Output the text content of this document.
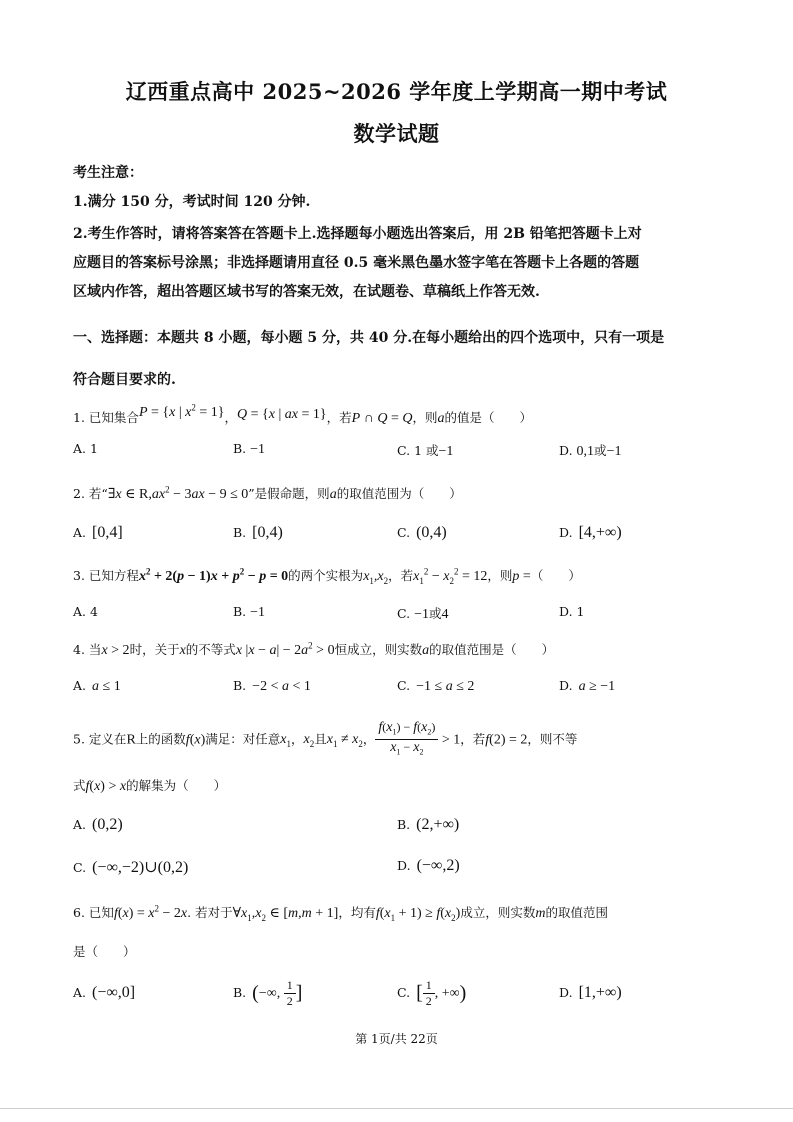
辽西重点高中 2025~2026 学年度上学期高一期中考试
数学试题
考生注意：
1.满分 150 分，考试时间 120 分钟.
2.考生作答时，请将答案答在答题卡上.选择题每小题选出答案后，用 2B 铅笔把答题卡上对
应题目的答案标号涂黑；非选择题请用直径 0.5 毫米黑色墨水签字笔在答题卡上各题的答题
区域内作答，超出答题区域书写的答案无效，在试题卷、草稿纸上作答无效.
一、选择题：本题共 8 小题，每小题 5 分，共 40 分.在每小题给出的四个选项中，只有一项是
符合题目要求的.
1. 已知集合P = {x | $x^2 = 1$}，Q = {x | ax = 1}，若P ∩ Q = Q，则a的值是（　　）
A. 1	B. −1	C. 1 或−1	D. 0,1或−1
2. 若“∃x ∈ $R,ax^2 - 3ax - 9 \le 0$”是假命题，则a的取值范围为（　　）
A. [0,4]	B. [0,4)	C. (0,4)	D. [4,+∞)
3. 已知方程$x^2 + 2(p - 1)x + p^2 - p = 0$的两个实根为$x_1,x_2$，若$x_1^2 - x_2^2 = 12$，则p =（　　）
A. 4	B. −1	C. −1或4	D. 1
4. 当x > 2时，关于x的不等式x $|x - a| - 2a^2 > 0$恒成立，则实数a的取值范围是（　　）
A. a ≤ 1	B. −2 < a < 1	C. −1 ≤ a ≤ 2	D. a ≥ −1
5. 定义在R上的函数f(x)满足：对任意$x_1$，$x_2$且$x_1 \ne x_2$， $\frac{f(x_1) - f(x_2)}{x_1 - x_2} > 1$，若f(2) = 2，则不等
式f(x) > x的解集为（　　）
A. (0,2)	B. (2,+∞)
C. (−∞,−2)∪(0,2)	D. (−∞,2)
6. 已知$f(x) = x^2 - 2x$. 若对于$\forall x_1,x_2$ ∈ [m,m + 1]，均有$f(x_1 + 1) \ge f(x_2)$成立，则实数m的取值范围
是（　　）
A. (−∞,0]	B. (−∞, $\frac{1}{2}$ ]	C. [ $\frac{1}{2}$ , +∞)	D. [1,+∞)
第 1页/共 22页
